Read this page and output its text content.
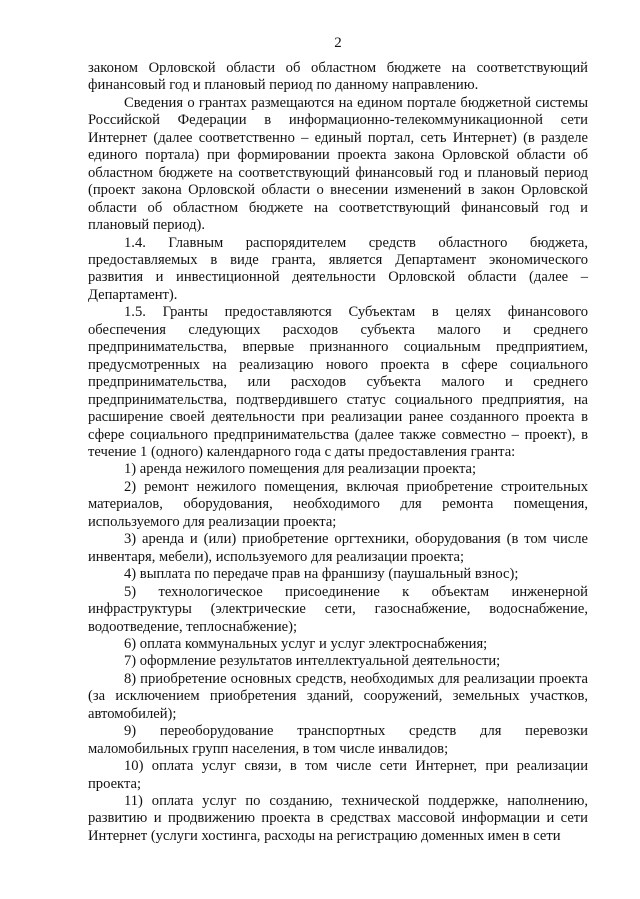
2

законом Орловской области об областном бюджете на соответствующий финансовый год и плановый период по данному направлению.

Сведения о грантах размещаются на едином портале бюджетной системы Российской Федерации в информационно-телекоммуникационной сети Интернет (далее соответственно – единый портал, сеть Интернет) (в разделе единого портала) при формировании проекта закона Орловской области об областном бюджете на соответствующий финансовый год и плановый период (проект закона Орловской области о внесении изменений в закон Орловской области об областном бюджете на соответствующий финансовый год и плановый период).

1.4. Главным распорядителем средств областного бюджета, предоставляемых в виде гранта, является Департамент экономического развития и инвестиционной деятельности Орловской области (далее – Департамент).

1.5. Гранты предоставляются Субъектам в целях финансового обеспечения следующих расходов субъекта малого и среднего предпринимательства, впервые признанного социальным предприятием, предусмотренных на реализацию нового проекта в сфере социального предпринимательства, или расходов субъекта малого и среднего предпринимательства, подтвердившего статус социального предприятия, на расширение своей деятельности при реализации ранее созданного проекта в сфере социального предпринимательства (далее также совместно – проект), в течение 1 (одного) календарного года с даты предоставления гранта:

1) аренда нежилого помещения для реализации проекта;

2) ремонт нежилого помещения, включая приобретение строительных материалов, оборудования, необходимого для ремонта помещения, используемого для реализации проекта;

3) аренда и (или) приобретение оргтехники, оборудования (в том числе инвентаря, мебели), используемого для реализации проекта;

4) выплата по передаче прав на франшизу (паушальный взнос);

5) технологическое присоединение к объектам инженерной инфраструктуры (электрические сети, газоснабжение, водоснабжение, водоотведение, теплоснабжение);

6) оплата коммунальных услуг и услуг электроснабжения;

7) оформление результатов интеллектуальной деятельности;

8) приобретение основных средств, необходимых для реализации проекта (за исключением приобретения зданий, сооружений, земельных участков, автомобилей);

9) переоборудование транспортных средств для перевозки маломобильных групп населения, в том числе инвалидов;

10) оплата услуг связи, в том числе сети Интернет, при реализации проекта;

11) оплата услуг по созданию, технической поддержке, наполнению, развитию и продвижению проекта в средствах массовой информации и сети Интернет (услуги хостинга, расходы на регистрацию доменных имен в сети
